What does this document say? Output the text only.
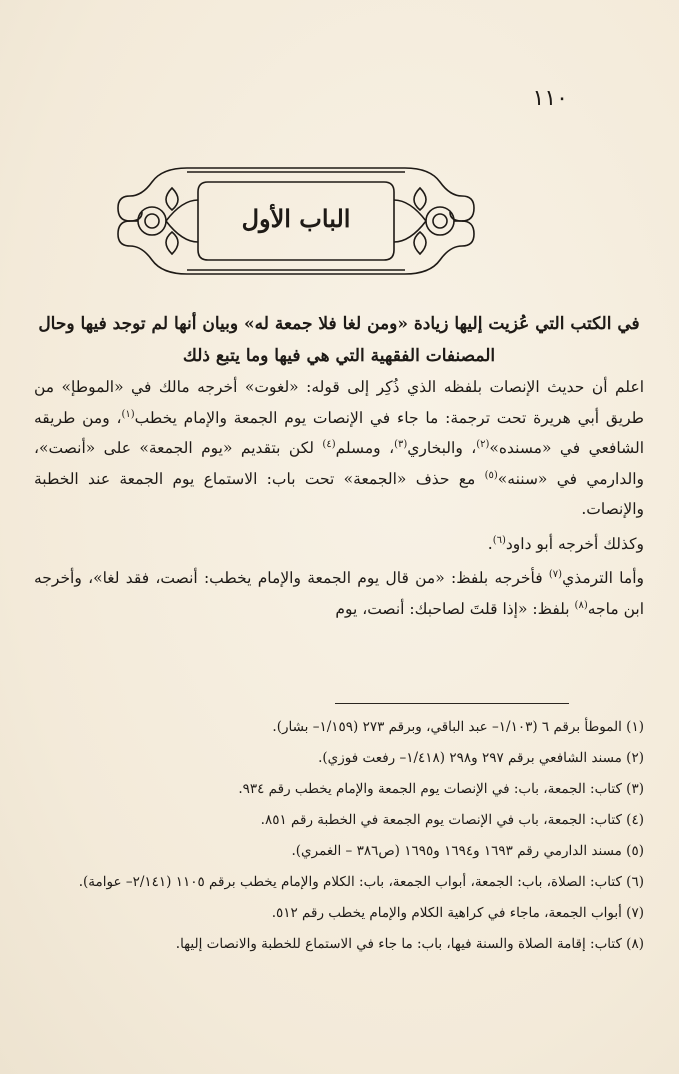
١١٠
الباب الأول
في الكتب التي عُزيت إليها زيادة «ومن لغا فلا جمعة له» وبيان أنها لم توجد فيها وحال المصنفات الفقهية التي هي فيها وما يتبع ذلك

اعلم أن حديث الإنصات بلفظه الذي ذُكِر إلى قوله: «لغوت» أخرجه مالك في «الموطإ» من طريق أبي هريرة تحت ترجمة: ما جاء في الإنصات يوم الجمعة والإمام يخطب$^{(١)}$، ومن طريقه الشافعي في «مسنده»$^{(٢)}$، والبخاري$^{(٣)}$، ومسلم$^{(٤)}$ لكن بتقديم «يوم الجمعة» على «أنصت»، والدارمي في «سننه»$^{(٥)}$ مع حذف «الجمعة» تحت باب: الاستماع يوم الجمعة عند الخطبة والإنصات.

وكذلك أخرجه أبو داود$^{(٦)}$.

وأما الترمذي$^{(٧)}$ فأخرجه بلفظ: «من قال يوم الجمعة والإمام يخطب: أنصت، فقد لغا»، وأخرجه ابن ماجه$^{(٨)}$ بلفظ: «إذا قلتَ لصاحبك: أنصت، يوم

(١) الموطأ برقم ٦ (١/١٠٣– عبد الباقي، وبرقم ٢٧٣ (١/١٥٩– بشار).

(٢) مسند الشافعي برقم ٢٩٧ و٢٩٨ (١/٤١٨– رفعت فوزي).

(٣) كتاب: الجمعة، باب: في الإنصات يوم الجمعة والإمام يخطب رقم ٩٣٤.

(٤) كتاب: الجمعة، باب في الإنصات يوم الجمعة في الخطبة رقم ٨٥١.

(٥) مسند الدارمي رقم ١٦٩٣ و١٦٩٤ و١٦٩٥ (ص٣٨٦ – الغمري).

(٦) كتاب: الصلاة، باب: الجمعة، أبواب الجمعة، باب: الكلام والإمام يخطب برقم ١١٠٥ (٢/١٤١– عوامة).

(٧) أبواب الجمعة، ماجاء في كراهية الكلام والإمام يخطب رقم ٥١٢.

(٨) كتاب: إقامة الصلاة والسنة فيها، باب: ما جاء في الاستماع للخطبة والانصات إليها.
